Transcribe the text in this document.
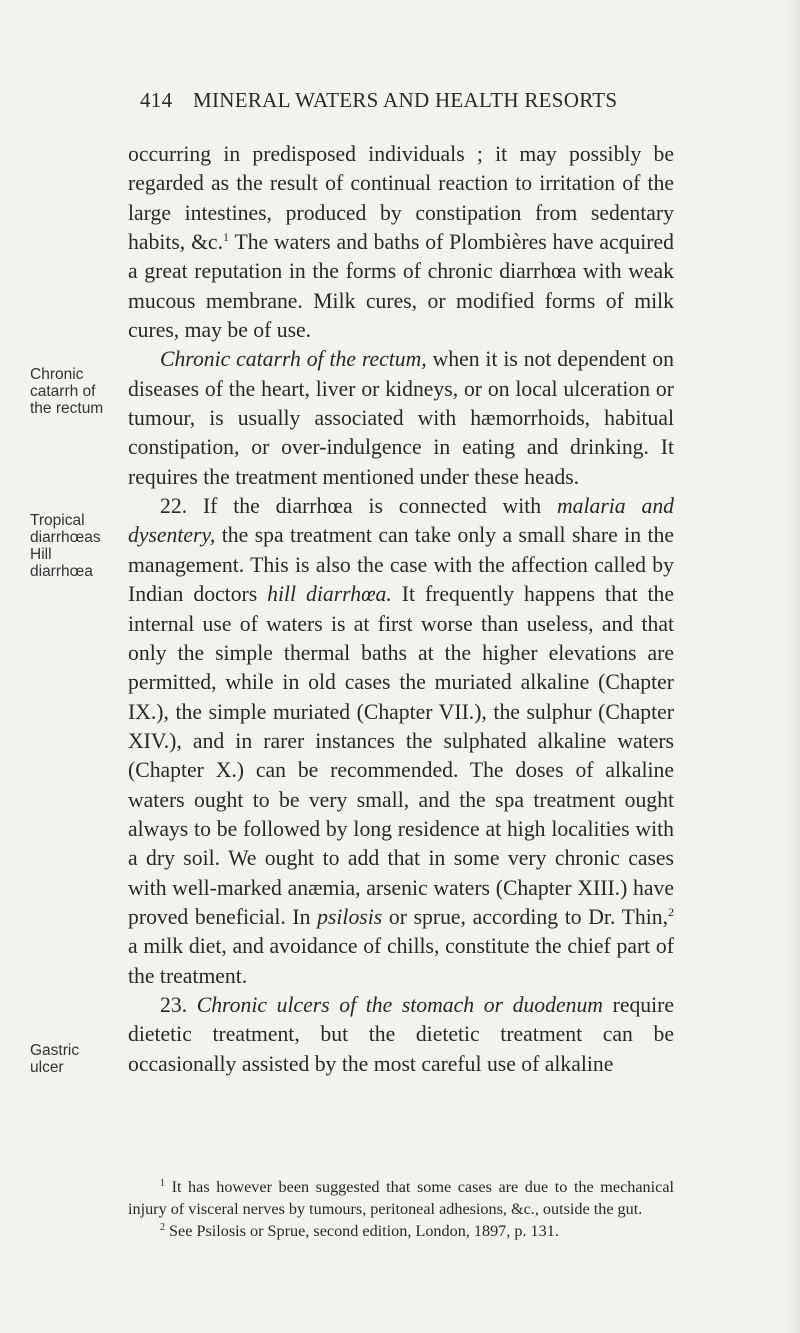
414 MINERAL WATERS AND HEALTH RESORTS
Chronic
catarrh of
the rectum
Tropical
diarrhœas
Hill
diarrhœa
Gastric
ulcer

occurring in predisposed individuals ; it may possibly be regarded as the result of continual reaction to irritation of the large intestines, produced by constipation from sedentary habits, &c.$^1$ The waters and baths of Plombières have acquired a great reputation in the forms of chronic diarrhœa with weak mucous membrane. Milk cures, or modified forms of milk cures, may be of use.

Chronic catarrh of the rectum, when it is not dependent on diseases of the heart, liver or kidneys, or on local ulceration or tumour, is usually associated with hæmorrhoids, habitual constipation, or over-indulgence in eating and drinking. It requires the treatment mentioned under these heads.

22. If the diarrhœa is connected with malaria and dysentery, the spa treatment can take only a small share in the management. This is also the case with the affection called by Indian doctors hill diarrhœa. It frequently happens that the internal use of waters is at first worse than useless, and that only the simple thermal baths at the higher elevations are permitted, while in old cases the muriated alkaline (Chapter IX.), the simple muriated (Chapter VII.), the sulphur (Chapter XIV.), and in rarer instances the sulphated alkaline waters (Chapter X.) can be recommended. The doses of alkaline waters ought to be very small, and the spa treatment ought always to be followed by long residence at high localities with a dry soil. We ought to add that in some very chronic cases with well-marked anæmia, arsenic waters (Chapter XIII.) have proved beneficial. In psilosis or sprue, according to Dr. Thin,$^2$ a milk diet, and avoidance of chills, constitute the chief part of the treatment.

23. Chronic ulcers of the stomach or duodenum require dietetic treatment, but the dietetic treatment can be occasionally assisted by the most careful use of alkaline

$^1$ It has however been suggested that some cases are due to the mechanical injury of visceral nerves by tumours, peritoneal adhesions, &c., outside the gut.

$^2$ See Psilosis or Sprue, second edition, London, 1897, p. 131.
